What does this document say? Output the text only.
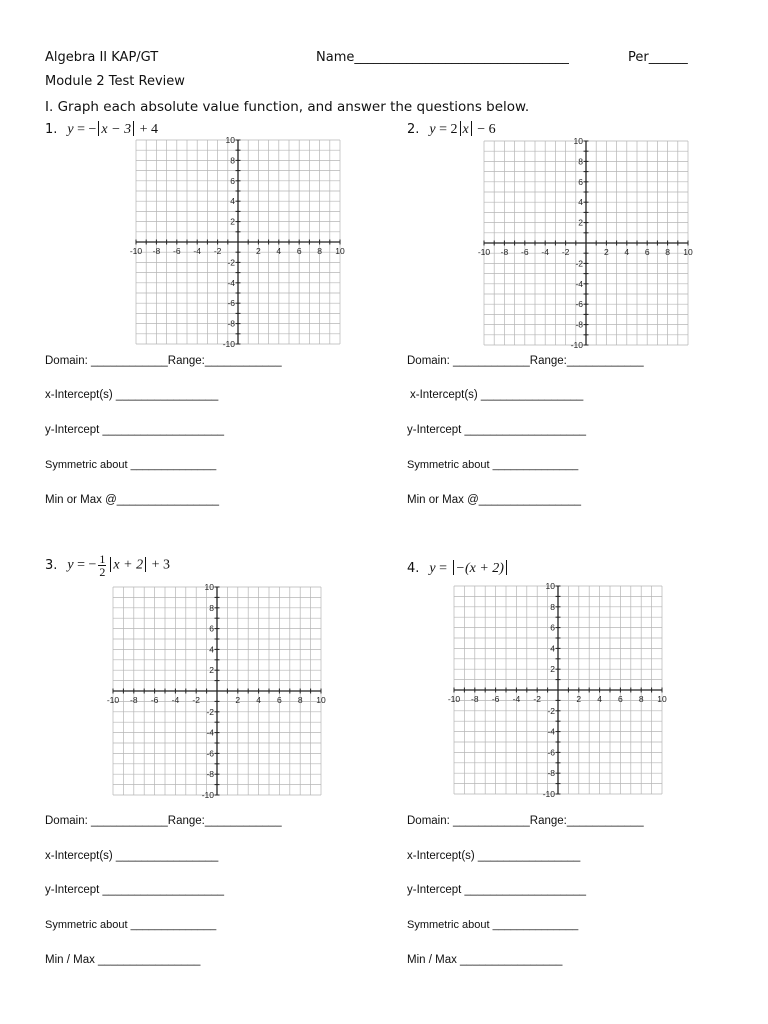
Algebra II KAP/GT	Name_________________________________	Per______
Module 2 Test Review
I. Graph each absolute value function, and answer the questions below.
1. y = − x − 3 + 4	2. y = 2 x − 6
3. y = − $\frac{1}{2}$ x + 2 + 3	4. y = −(x + 2)
-10 -8 -6 -4 -2	2 4 6 8 10
10
8
6
4
2
-2
-4
-6
-8
-10
-10 -8 -6 -4 -2	2 4 6 8 10
10
8
6
4
2
-2
-4
-6
-8
-10
-10 -8 -6 -4 -2	2 4 6 8 10
10
8
6
4
2
-2
-4
-6
-8
-10
-10 -8 -6 -4 -2	2 4 6 8 10
10
8
6
4
2
-2
-4
-6
-8
-10
Domain: ____________Range:____________
x-Intercept(s) ________________
y-Intercept ___________________
Symmetric about ______________
Min or Max @________________
Domain: ____________Range:____________
x-Intercept(s) ________________
y-Intercept ___________________
Symmetric about ______________
Min or Max @________________
Domain: ____________Range:____________
x-Intercept(s) ________________
y-Intercept ___________________
Symmetric about ______________
Min / Max ________________
Domain: ____________Range:____________
x-Intercept(s) ________________
y-Intercept ___________________
Symmetric about ______________
Min / Max ________________
